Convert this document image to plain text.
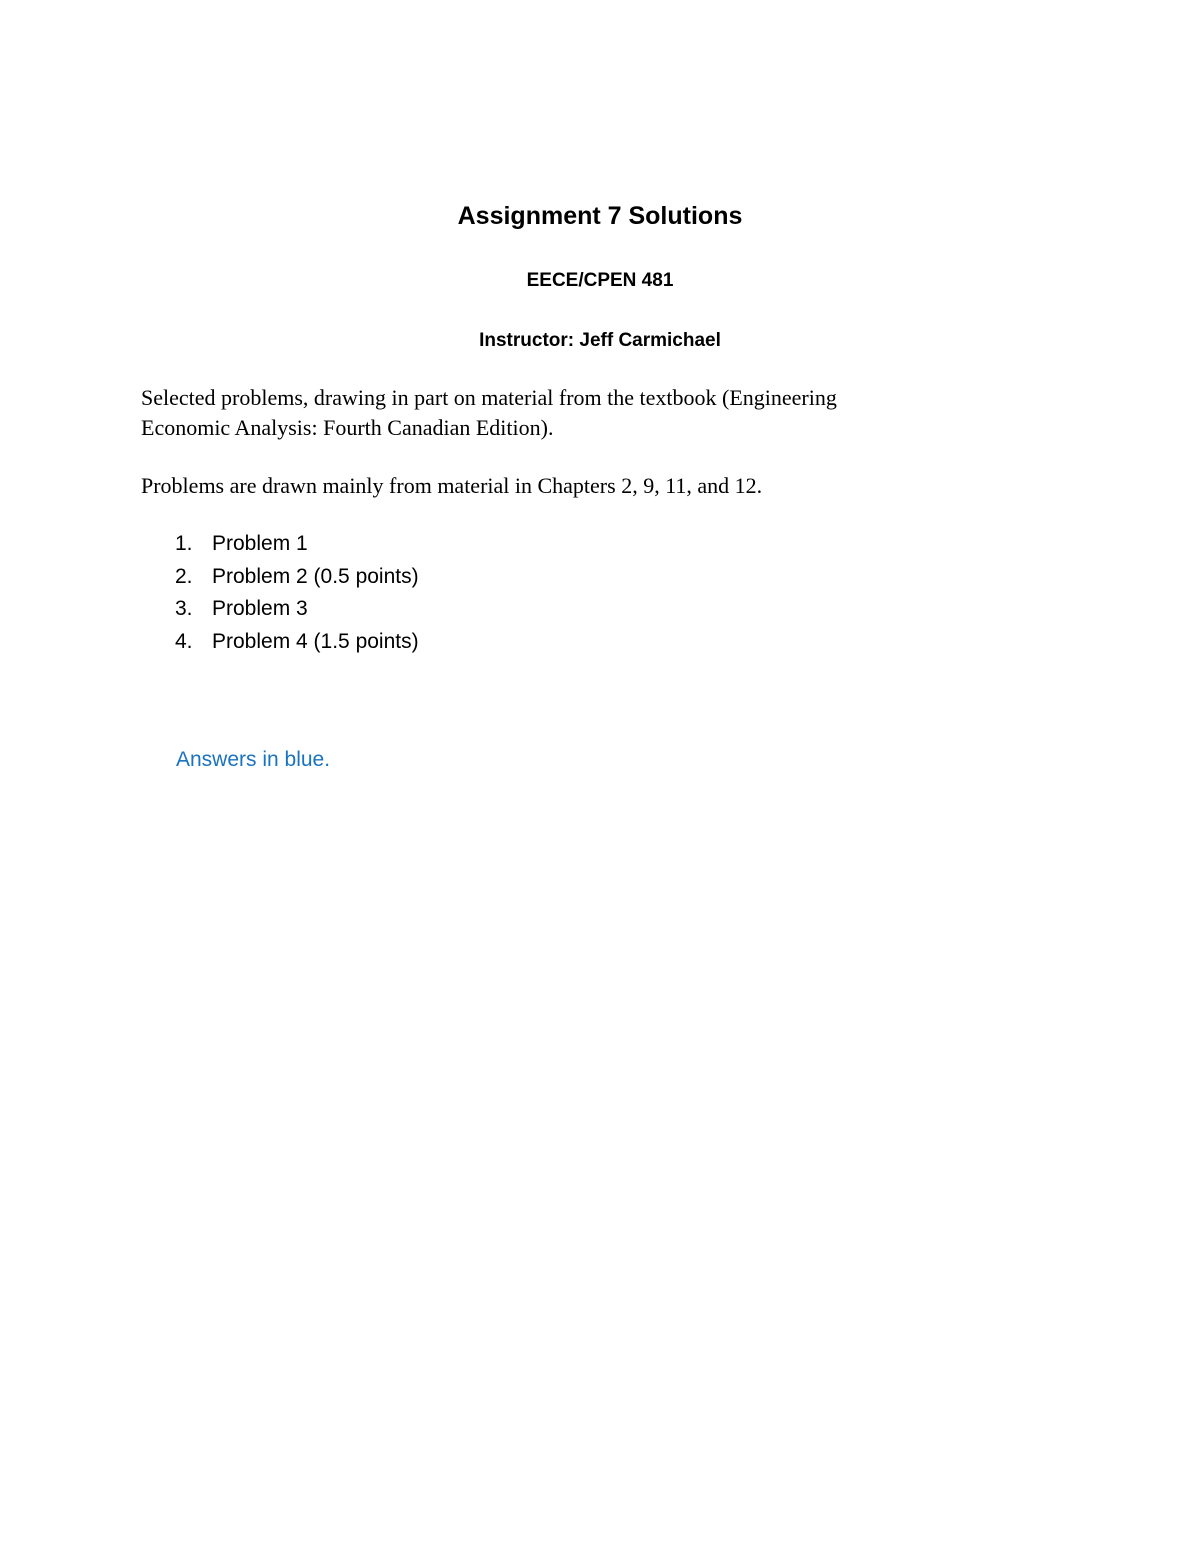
Assignment 7 Solutions
EECE/CPEN 481
Instructor: Jeff Carmichael
Selected problems, drawing in part on material from the textbook (Engineering
Economic Analysis: Fourth Canadian Edition).
Problems are drawn mainly from material in Chapters 2, 9, 11, and 12.
1. Problem 1
2. Problem 2 (0.5 points)
3. Problem 3
4. Problem 4 (1.5 points)
Answers in blue.
